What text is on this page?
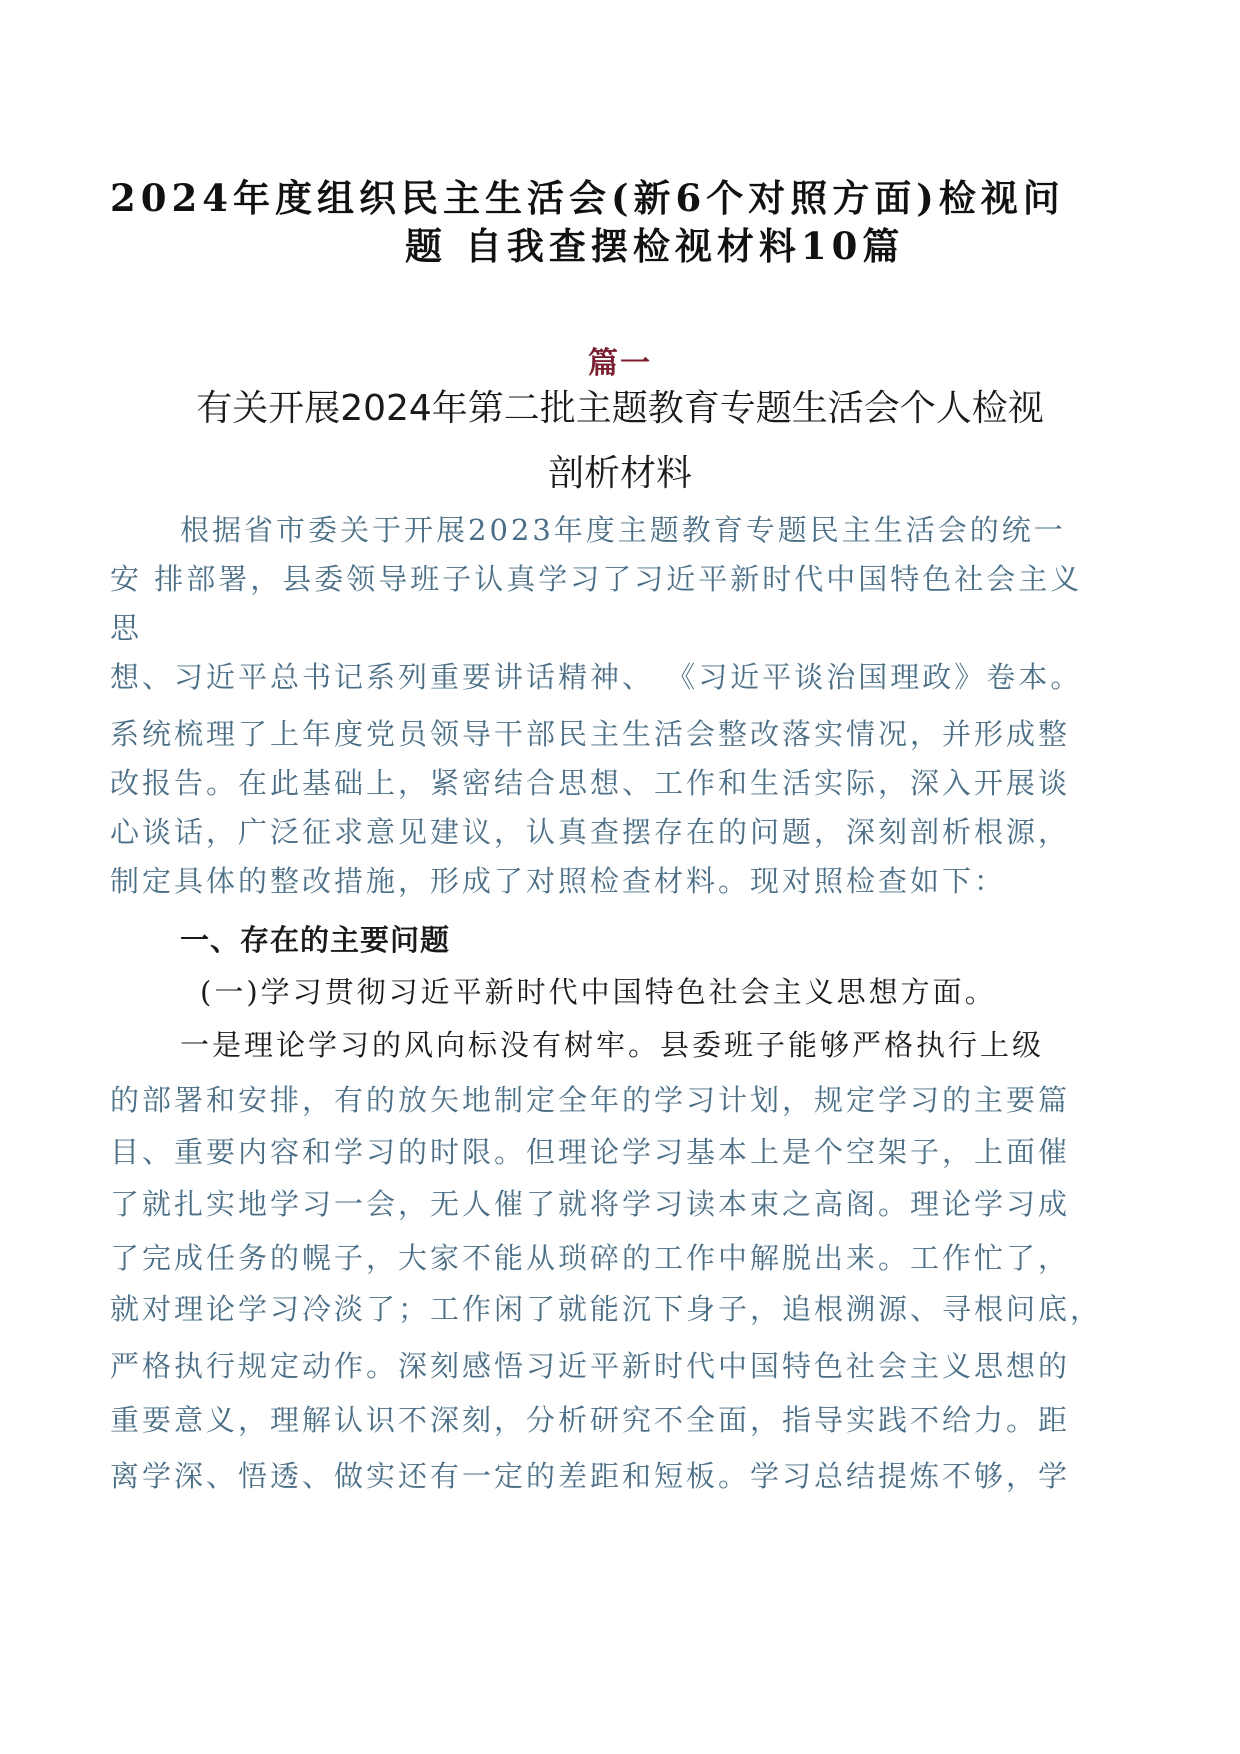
2024年度组织民主生活会(新6个对照方面)检视问
题 自我查摆检视材料10篇
篇一
有关开展2024年第二批主题教育专题生活会个人检视
剖析材料
根据省市委关于开展2023年度主题教育专题民主生活会的统一
安 排部署，县委领导班子认真学习了习近平新时代中国特色社会主义
思
想、习近平总书记系列重要讲话精神、 《习近平谈治国理政》卷本。
系统梳理了上年度党员领导干部民主生活会整改落实情况，并形成整
改报告。在此基础上，紧密结合思想、工作和生活实际，深入开展谈
心谈话，广泛征求意见建议，认真查摆存在的问题，深刻剖析根源，
制定具体的整改措施，形成了对照检查材料。现对照检查如下：
一、存在的主要问题
(一)学习贯彻习近平新时代中国特色社会主义思想方面。
一是理论学习的风向标没有树牢。县委班子能够严格执行上级
的部署和安排，有的放矢地制定全年的学习计划，规定学习的主要篇
目、重要内容和学习的时限。但理论学习基本上是个空架子，上面催
了就扎实地学习一会，无人催了就将学习读本束之高阁。理论学习成
了完成任务的幌子，大家不能从琐碎的工作中解脱出来。工作忙了，
就对理论学习冷淡了；工作闲了就能沉下身子，追根溯源、寻根问底，
严格执行规定动作。深刻感悟习近平新时代中国特色社会主义思想的
重要意义，理解认识不深刻，分析研究不全面，指导实践不给力。距
离学深、悟透、做实还有一定的差距和短板。学习总结提炼不够，学
